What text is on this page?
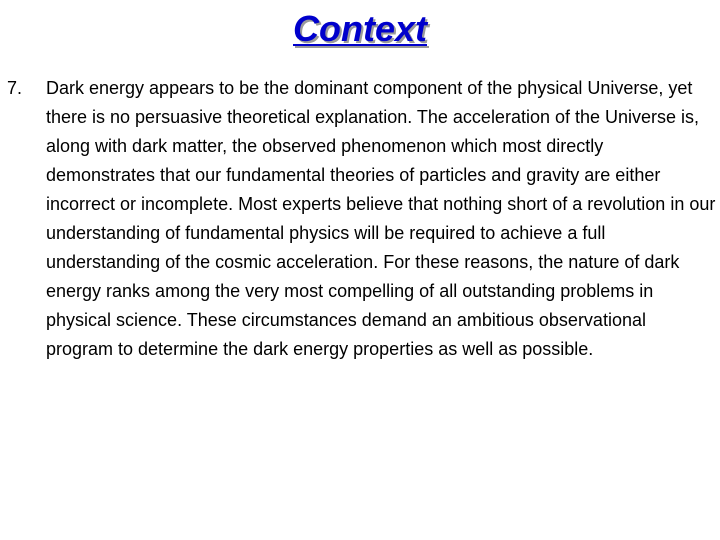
Context
7. Dark energy appears to be the dominant component of the physical Universe, yet there is no persuasive theoretical explanation. The acceleration of the Universe is, along with dark matter, the observed phenomenon which most directly demonstrates that our fundamental theories of particles and gravity are either incorrect or incomplete. Most experts believe that nothing short of a revolution in our understanding of fundamental physics will be required to achieve a full understanding of the cosmic acceleration. For these reasons, the nature of dark energy ranks among the very most compelling of all outstanding problems in physical science. These circumstances demand an ambitious observational program to determine the dark energy properties as well as possible.
